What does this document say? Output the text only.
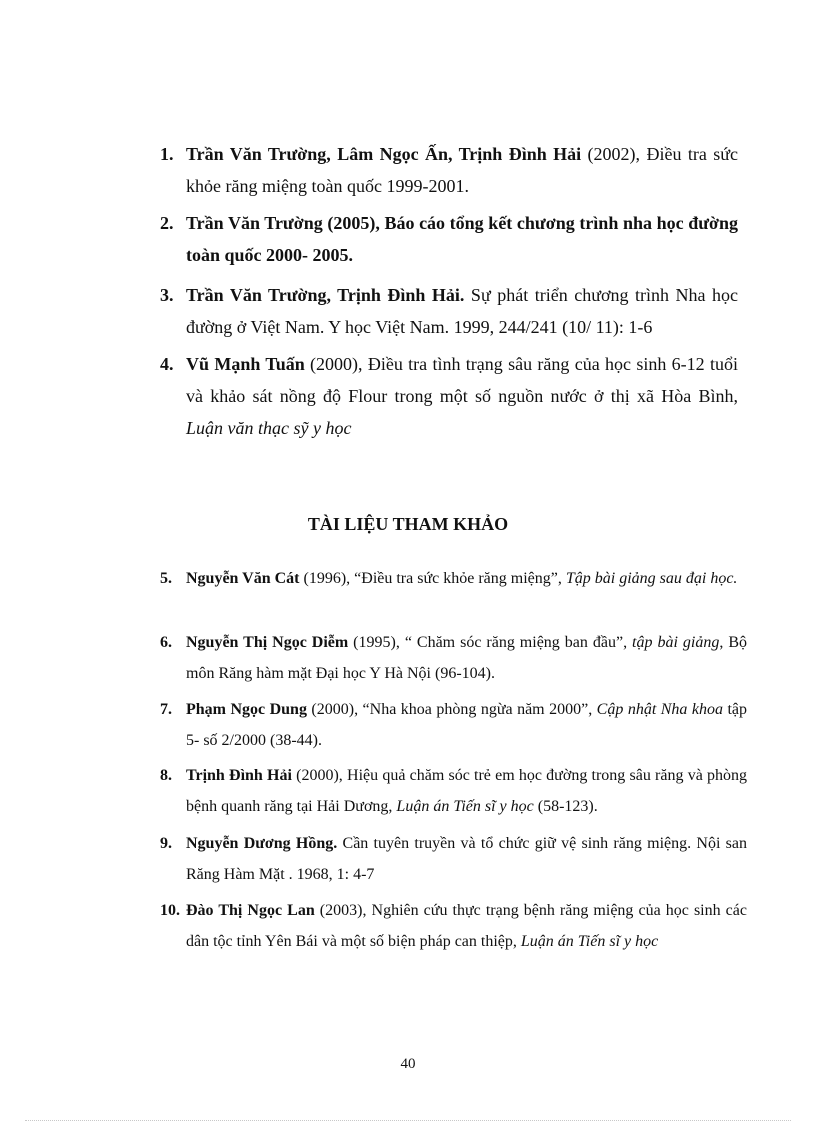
1. Trần Văn Trường, Lâm Ngọc Ấn, Trịnh Đình Hải (2002), Điều tra sức khỏe răng miệng toàn quốc 1999-2001.
2. Trần Văn Trường (2005), Báo cáo tổng kết chương trình nha học đường toàn quốc 2000- 2005.
3. Trần Văn Trường, Trịnh Đình Hải. Sự phát triển chương trình Nha học đường ở Việt Nam. Y học Việt Nam. 1999, 244/241 (10/ 11): 1-6
4. Vũ Mạnh Tuấn (2000), Điều tra tình trạng sâu răng của học sinh 6-12 tuổi và khảo sát nồng độ Flour trong một số nguồn nước ở thị xã Hòa Bình, Luận văn thạc sỹ y học
TÀI LIỆU THAM KHẢO
5. Nguyễn Văn Cát (1996), “Điều tra sức khỏe răng miệng”, Tập bài giảng sau đại học.
6. Nguyễn Thị Ngọc Diễm (1995), “ Chăm sóc răng miệng ban đầu”, tập bài giảng, Bộ môn Răng hàm mặt Đại học Y Hà Nội (96-104).
7. Phạm Ngọc Dung (2000), “Nha khoa phòng ngừa năm 2000”, Cập nhật Nha khoa tập 5- số 2/2000 (38-44).
8. Trịnh Đình Hải (2000), Hiệu quả chăm sóc trẻ em học đường trong sâu răng và phòng bệnh quanh răng tại Hải Dương, Luận án Tiến sĩ y học (58-123).
9. Nguyễn Dương Hồng. Cần tuyên truyền và tổ chức giữ vệ sinh răng miệng. Nội san Răng Hàm Mặt . 1968, 1: 4-7
10. Đào Thị Ngọc Lan (2003), Nghiên cứu thực trạng bệnh răng miệng của học sinh các dân tộc tỉnh Yên Bái và một số biện pháp can thiệp, Luận án Tiến sĩ y học
40
